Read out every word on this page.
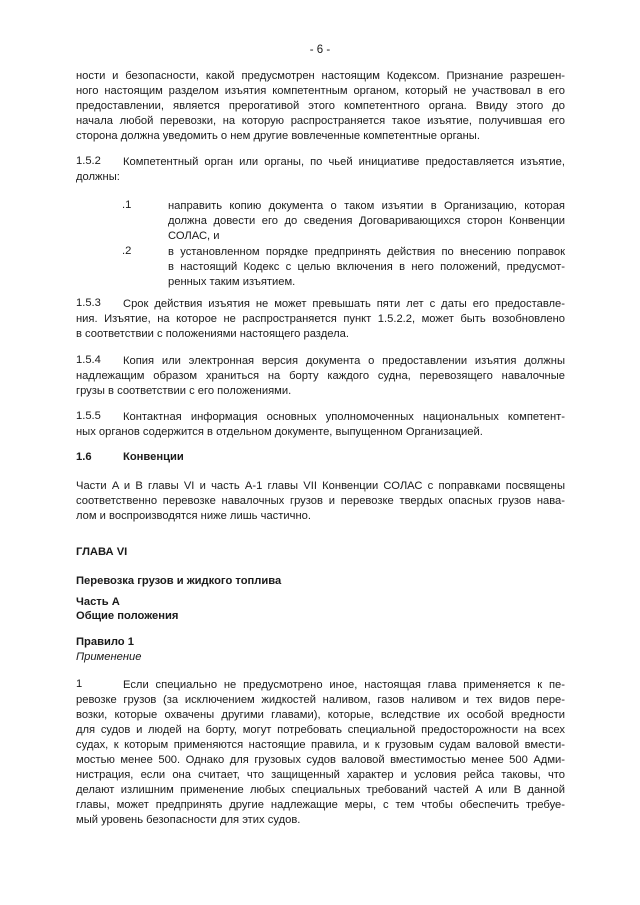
- 6 -
ности и безопасности, какой предусмотрен настоящим Кодексом. Признание разрешен-
ного настоящим разделом изъятия компетентным органом, который не участвовал в его
предоставлении, является прерогативой этого компетентного органа. Ввиду этого до
начала любой перевозки, на которую распространяется такое изъятие, получившая его
сторона должна уведомить о нем другие вовлеченные компетентные органы.
1.5.2 Компетентный орган или органы, по чьей инициативе предоставляется изъятие,
должны:
.1	направить копию документа о таком изъятии в Организацию, которая
должна довести его до сведения Договаривающихся сторон Конвенции
СОЛАС, и
.2	в установленном порядке предпринять действия по внесению поправок
в настоящий Кодекс с целью включения в него положений, предусмот-
ренных таким изъятием.
1.5.3 Срок действия изъятия не может превышать пяти лет с даты его предоставле-
ния. Изъятие, на которое не распространяется пункт 1.5.2.2, может быть возобновлено
в соответствии с положениями настоящего раздела.
1.5.4 Копия или электронная версия документа о предоставлении изъятия должны
надлежащим образом храниться на борту каждого судна, перевозящего навалочные
грузы в соответствии с его положениями.
1.5.5 Контактная информация основных уполномоченных национальных компетент-
ных органов содержится в отдельном документе, выпущенном Организацией.
1.6	Конвенции
Части A и B главы VI и часть A-1 главы VII Конвенции СОЛАС с поправками посвящены
соответственно перевозке навалочных грузов и перевозке твердых опасных грузов нава-
лом и воспроизводятся ниже лишь частично.
ГЛАВА VI
Перевозка грузов и жидкого топлива
Часть A
Общие положения
Правило 1
Применение
1	Если специально не предусмотрено иное, настоящая глава применяется к пе-
ревозке грузов (за исключением жидкостей наливом, газов наливом и тех видов пере-
возки, которые охвачены другими главами), которые, вследствие их особой вредности
для судов и людей на борту, могут потребовать специальной предосторожности на всех
судах, к которым применяются настоящие правила, и к грузовым судам валовой вмести-
мостью менее 500. Однако для грузовых судов валовой вместимостью менее 500 Адми-
нистрация, если она считает, что защищенный характер и условия рейса таковы, что
делают излишним применение любых специальных требований частей A или B данной
главы, может предпринять другие надлежащие меры, с тем чтобы обеспечить требуе-
мый уровень безопасности для этих судов.
